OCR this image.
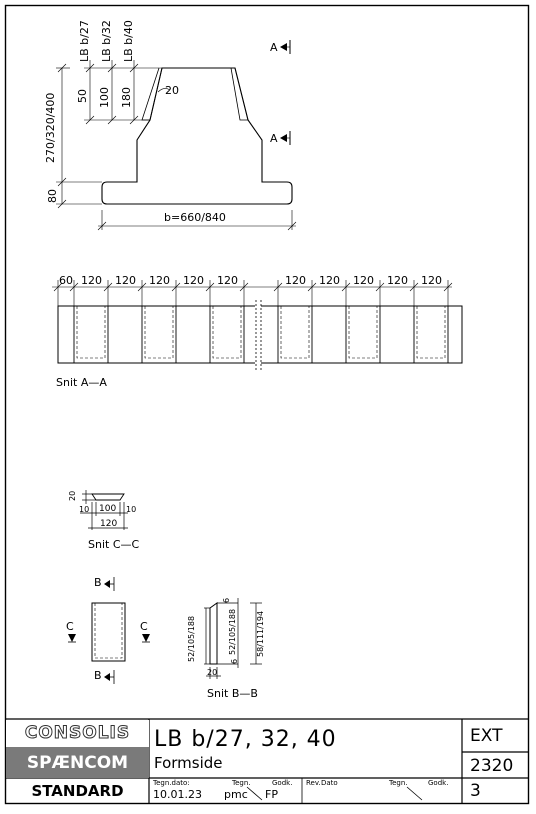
LB b/27 LB b/32 LB b/40
50 100 180
270/320/400
80
20
A
A
b=660/840
60 120 120 120 120 120	120 120 120 120 120
Snit A—A
20
10 100 10
120
Snit C—C
B
B
C	C
6
52/105/188	52/105/188 58/111/194
6
20
Snit B—B
CONSOLIS
SPÆNCOM
STANDARD
LB b/27, 32, 40
Formside
Tegn.dato:	Tegn.	Godk.
10.01.23 pmc FP
Rev. Dato	Tegn.	Godk.
EXT
2320
3
